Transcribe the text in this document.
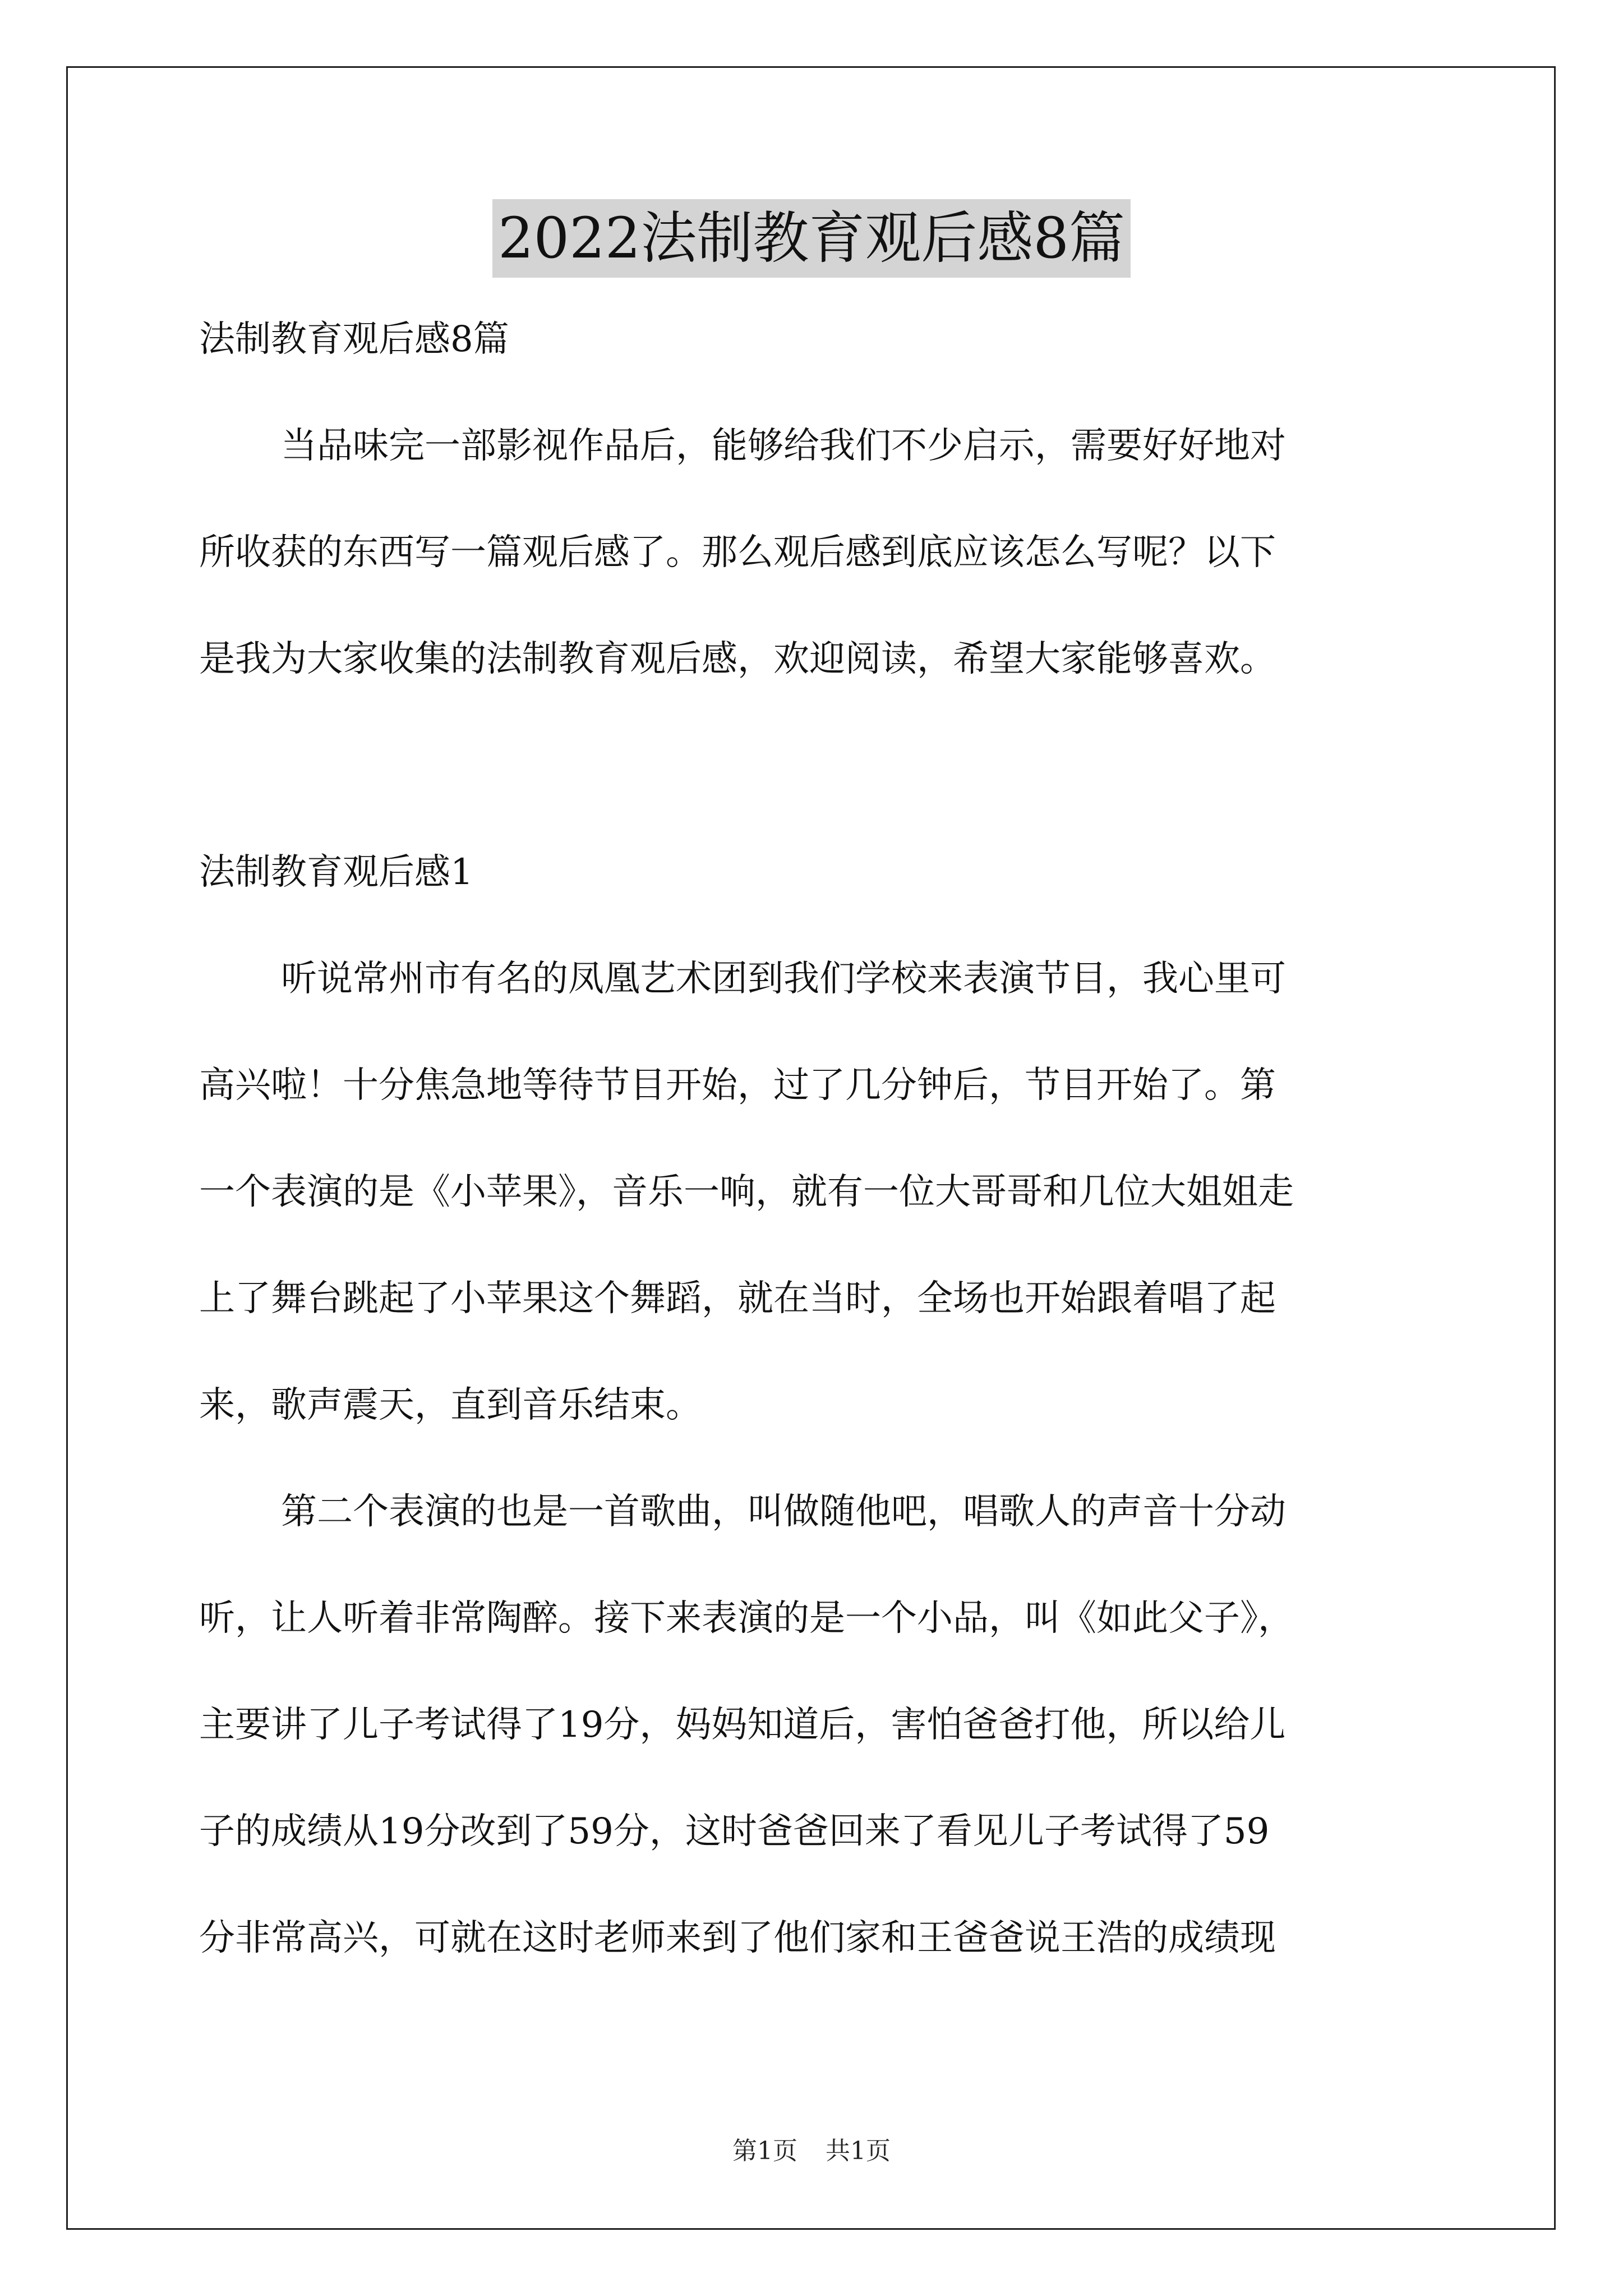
2022法制教育观后感8篇
法制教育观后感8篇
当品味完一部影视作品后，能够给我们不少启示，需要好好地对
所收获的东西写一篇观后感了。那么观后感到底应该怎么写呢？以下
是我为大家收集的法制教育观后感，欢迎阅读，希望大家能够喜欢。
法制教育观后感1
听说常州市有名的凤凰艺术团到我们学校来表演节目，我心里可
高兴啦！十分焦急地等待节目开始，过了几分钟后，节目开始了。第
一个表演的是《小苹果》，音乐一响，就有一位大哥哥和几位大姐姐走
上了舞台跳起了小苹果这个舞蹈，就在当时，全场也开始跟着唱了起
来，歌声震天，直到音乐结束。
第二个表演的也是一首歌曲，叫做随他吧，唱歌人的声音十分动
听，让人听着非常陶醉。接下来表演的是一个小品，叫《如此父子》，
主要讲了儿子考试得了19分，妈妈知道后，害怕爸爸打他，所以给儿
子的成绩从19分改到了59分，这时爸爸回来了看见儿子考试得了59
分非常高兴，可就在这时老师来到了他们家和王爸爸说王浩的成绩现
第1页 共1页
